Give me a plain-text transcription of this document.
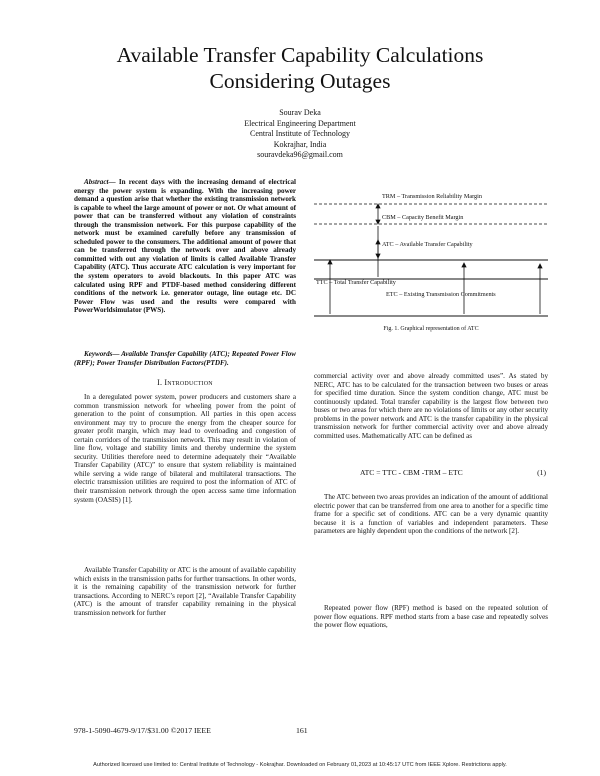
Available Transfer Capability Calculations
Considering Outages
Sourav Deka
Electrical Engineering Department
Central Institute of Technology
Kokrajhar, India
souravdeka96@gmail.com

Abstract— In recent days with the increasing demand of electrical energy the power system is expanding. With the increasing power demand a question arise that whether the existing transmission network is capable to wheel the large amount of power or not. Or what amount of power that can be transferred without any violation of constraints through the transmission network. For this purpose capability of the network must be examined carefully before any transmission of scheduled power to the consumers. The additional amount of power that can be transferred through the network over and above already committed with out any violation of limits is called Available Transfer Capability (ATC). Thus accurate ATC calculation is very important for the system operators to avoid blackouts. In this paper ATC was calculated using RPF and PTDF-based method considering different conditions of the network i.e. generator outage, line outage etc. DC Power Flow was used and the results were compared with PowerWorldsimulator (PWS).

Keywords— Available Transfer Capability (ATC); Repeated Power Flow (RPF); Power Transfer Distribution Factors(PTDF).

I. Introduction

In a deregulated power system, power producers and customers share a common transmission network for wheeling power from the point of generation to the point of consumption. All parties in this open access environment may try to procure the energy from the cheaper source for greater profit margin, which may lead to overloading and congestion of certain corridors of the transmission network. This may result in violation of line flow, voltage and stability limits and thereby undermine the system security. Utilities therefore need to determine adequately their “Available Transfer Capability (ATC)” to ensure that system reliability is maintained while serving a wide range of bilateral and multilateral transactions. The electric transmission utilities are required to post the information of ATC of their transmission network through the open access same time information system (OASIS) [1].

Available Transfer Capability or ATC is the amount of available capability which exists in the transmission paths for further transactions. In other words, it is the remaining capability of the transmission network for further transactions. According to NERC’s report [2], “Available Transfer Capability (ATC) is the amount of transfer capability remaining in the physical transmission network for further

TRM – Transmission Reliability Margin
CBM – Capacity Benefit Margin
ATC – Available Transfer Capability
TTC – Total Transfer Capability
ETC – Existing Transmission Commitments
Fig. 1. Graphical representation of ATC

commercial activity over and above already committed uses”. As stated by NERC, ATC has to be calculated for the transaction between two buses or areas for specified time duration. Since the system condition change, ATC must be continuously updated. Total transfer capability is the largest flow between two buses or two areas for which there are no violations of limits or any other security problems in the power network and ATC is the transfer capability in the physical transmission network for further commercial activity over and above already committed uses. Mathematically ATC can be defined as

ATC = TTC - CBM -TRM – ETC	(1)

The ATC between two areas provides an indication of the amount of additional electric power that can be transferred from one area to another for a specific time frame for a specific set of conditions. ATC can be a very dynamic quantity because it is a function of variables and independent parameters. These parameters are highly dependent upon the conditions of the network [2].

Repeated power flow (RPF) method is based on the repeated solution of power flow equations. RPF method starts from a base case and repeatedly solves the power flow equations,

978-1-5090-4679-9/17/$31.00 ©2017 IEEE	161
Authorized licensed use limited to: Central Institute of Technology - Kokrajhar. Downloaded on February 01,2023 at 10:45:17 UTC from IEEE Xplore. Restrictions apply.
